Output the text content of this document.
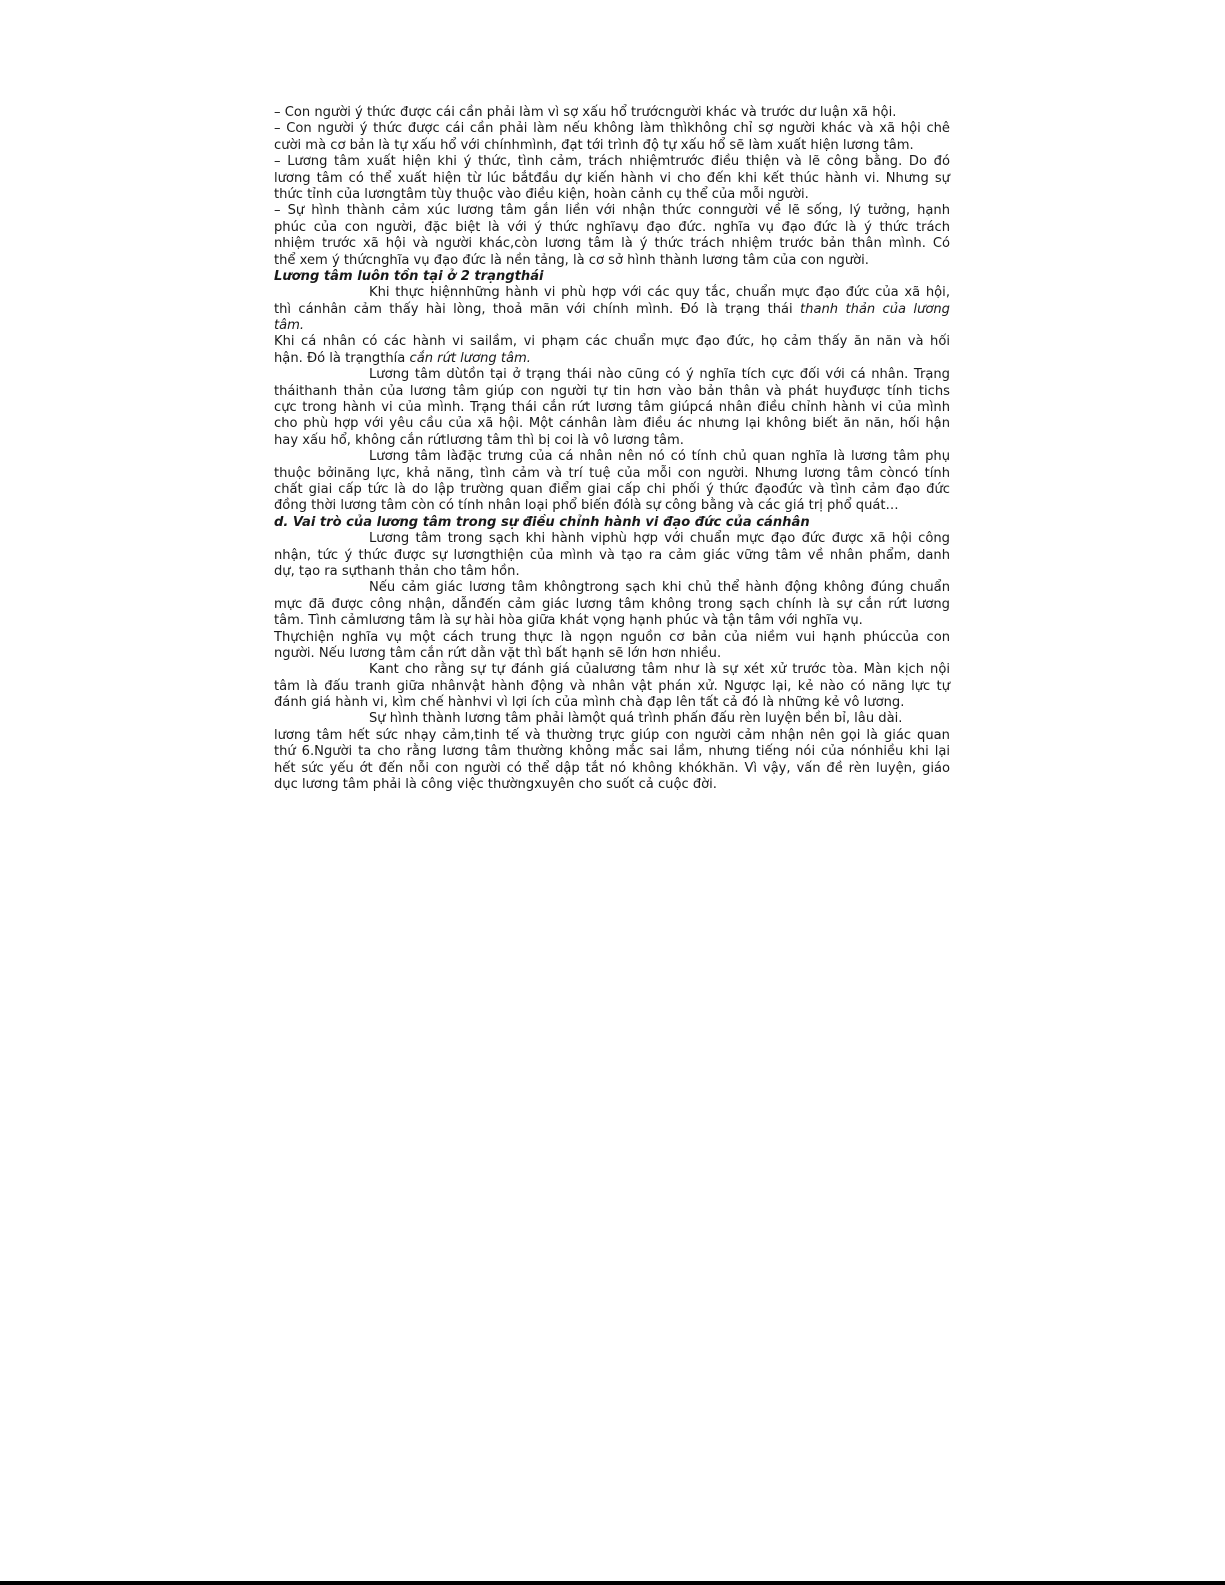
– Con người ý thức được cái cần phải làm vì sợ xấu hổ trướcngười khác và trước dư luận xã hội.
– Con người ý thức được cái cần phải làm nếu không làm thìkhông chỉ sợ người khác và xã hội chê
cười mà cơ bản là tự xấu hổ với chínhmình, đạt tới trình độ tự xấu hổ sẽ làm xuất hiện lương tâm.
– Lương tâm xuất hiện khi ý thức, tình cảm, trách nhiệmtrước điều thiện và lẽ công bằng. Do đó
lương tâm có thể xuất hiện từ lúc bắtđầu dự kiến hành vi cho đến khi kết thúc hành vi. Nhưng sự
thức tỉnh của lươngtâm tùy thuộc vào điều kiện, hoàn cảnh cụ thể của mỗi người.
– Sự hình thành cảm xúc lương tâm gắn liền với nhận thức conngười về lẽ sống, lý tưởng, hạnh
phúc của con người, đặc biệt là với ý thức nghĩavụ đạo đức. nghĩa vụ đạo đức là ý thức trách
nhiệm trước xã hội và người khác,còn lương tâm là ý thức trách nhiệm trước bản thân mình. Có
thể xem ý thứcnghĩa vụ đạo đức là nền tảng, là cơ sở hình thành lương tâm của con người.
Lương tâm luôn tồn tại ở 2 trạngthái
Khi thực hiệnnhững hành vi phù hợp với các quy tắc, chuẩn mực đạo đức của xã hội,
thì cánhân cảm thấy hài lòng, thoả mãn với chính mình. Đó là trạng thái thanh thản của lương
tâm.
Khi cá nhân có các hành vi sailầm, vi phạm các chuẩn mực đạo đức, họ cảm thấy ăn năn và hối
hận. Đó là trạngthía cắn rứt lương tâm.
Lương tâm dùtồn tại ở trạng thái nào cũng có ý nghĩa tích cực đối với cá nhân. Trạng
tháithanh thản của lương tâm giúp con người tự tin hơn vào bản thân và phát huyđược tính tichs
cực trong hành vi của mình. Trạng thái cắn rứt lương tâm giúpcá nhân điều chỉnh hành vi của mình
cho phù hợp với yêu cầu của xã hội. Một cánhân làm điều ác nhưng lại không biết ăn năn, hối hận
hay xấu hổ, không cắn rứtlương tâm thì bị coi là vô lương tâm.
Lương tâm làđặc trưng của cá nhân nên nó có tính chủ quan nghĩa là lương tâm phụ
thuộc bởinăng lực, khả năng, tình cảm và trí tuệ của mỗi con người. Nhưng lương tâm còncó tính
chất giai cấp tức là do lập trường quan điểm giai cấp chi phối ý thức đạođức và tình cảm đạo đức
đồng thời lương tâm còn có tính nhân loại phổ biến đólà sự công bằng và các giá trị phổ quát…
d. Vai trò của lương tâm trong sự điều chỉnh hành vi đạo đức của cánhân
Lương tâm trong sạch khi hành viphù hợp với chuẩn mực đạo đức được xã hội công
nhận, tức ý thức được sự lươngthiện của mình và tạo ra cảm giác vững tâm về nhân phẩm, danh
dự, tạo ra sựthanh thản cho tâm hồn.
Nếu cảm giác lương tâm khôngtrong sạch khi chủ thể hành động không đúng chuẩn
mực đã được công nhận, dẫnđến cảm giác lương tâm không trong sạch chính là sự cắn rứt lương
tâm. Tình cảmlương tâm là sự hài hòa giữa khát vọng hạnh phúc và tận tâm với nghĩa vụ.
Thựchiện nghĩa vụ một cách trung thực là ngọn nguồn cơ bản của niềm vui hạnh phúccủa con
người. Nếu lương tâm cắn rứt dằn vặt thì bất hạnh sẽ lớn hơn nhiều.
Kant cho rằng sự tự đánh giá củalương tâm như là sự xét xử trước tòa. Màn kịch nội
tâm là đấu tranh giữa nhânvật hành động và nhân vật phán xử. Ngược lại, kẻ nào có năng lực tự
đánh giá hành vi, kìm chế hànhvi vì lợi ích của mình chà đạp lên tất cả đó là những kẻ vô lương.
Sự hình thành lương tâm phải làmột quá trình phấn đấu rèn luyện bền bỉ, lâu dài.
lương tâm hết sức nhạy cảm,tinh tế và thường trực giúp con người cảm nhận nên gọi là giác quan
thứ 6.Người ta cho rằng lương tâm thường không mắc sai lầm, nhưng tiếng nói của nónhiều khi lại
hết sức yếu ớt đến nỗi con người có thể dập tắt nó không khókhăn. Vì vậy, vấn đề rèn luyện, giáo
dục lương tâm phải là công việc thườngxuyên cho suốt cả cuộc đời.
